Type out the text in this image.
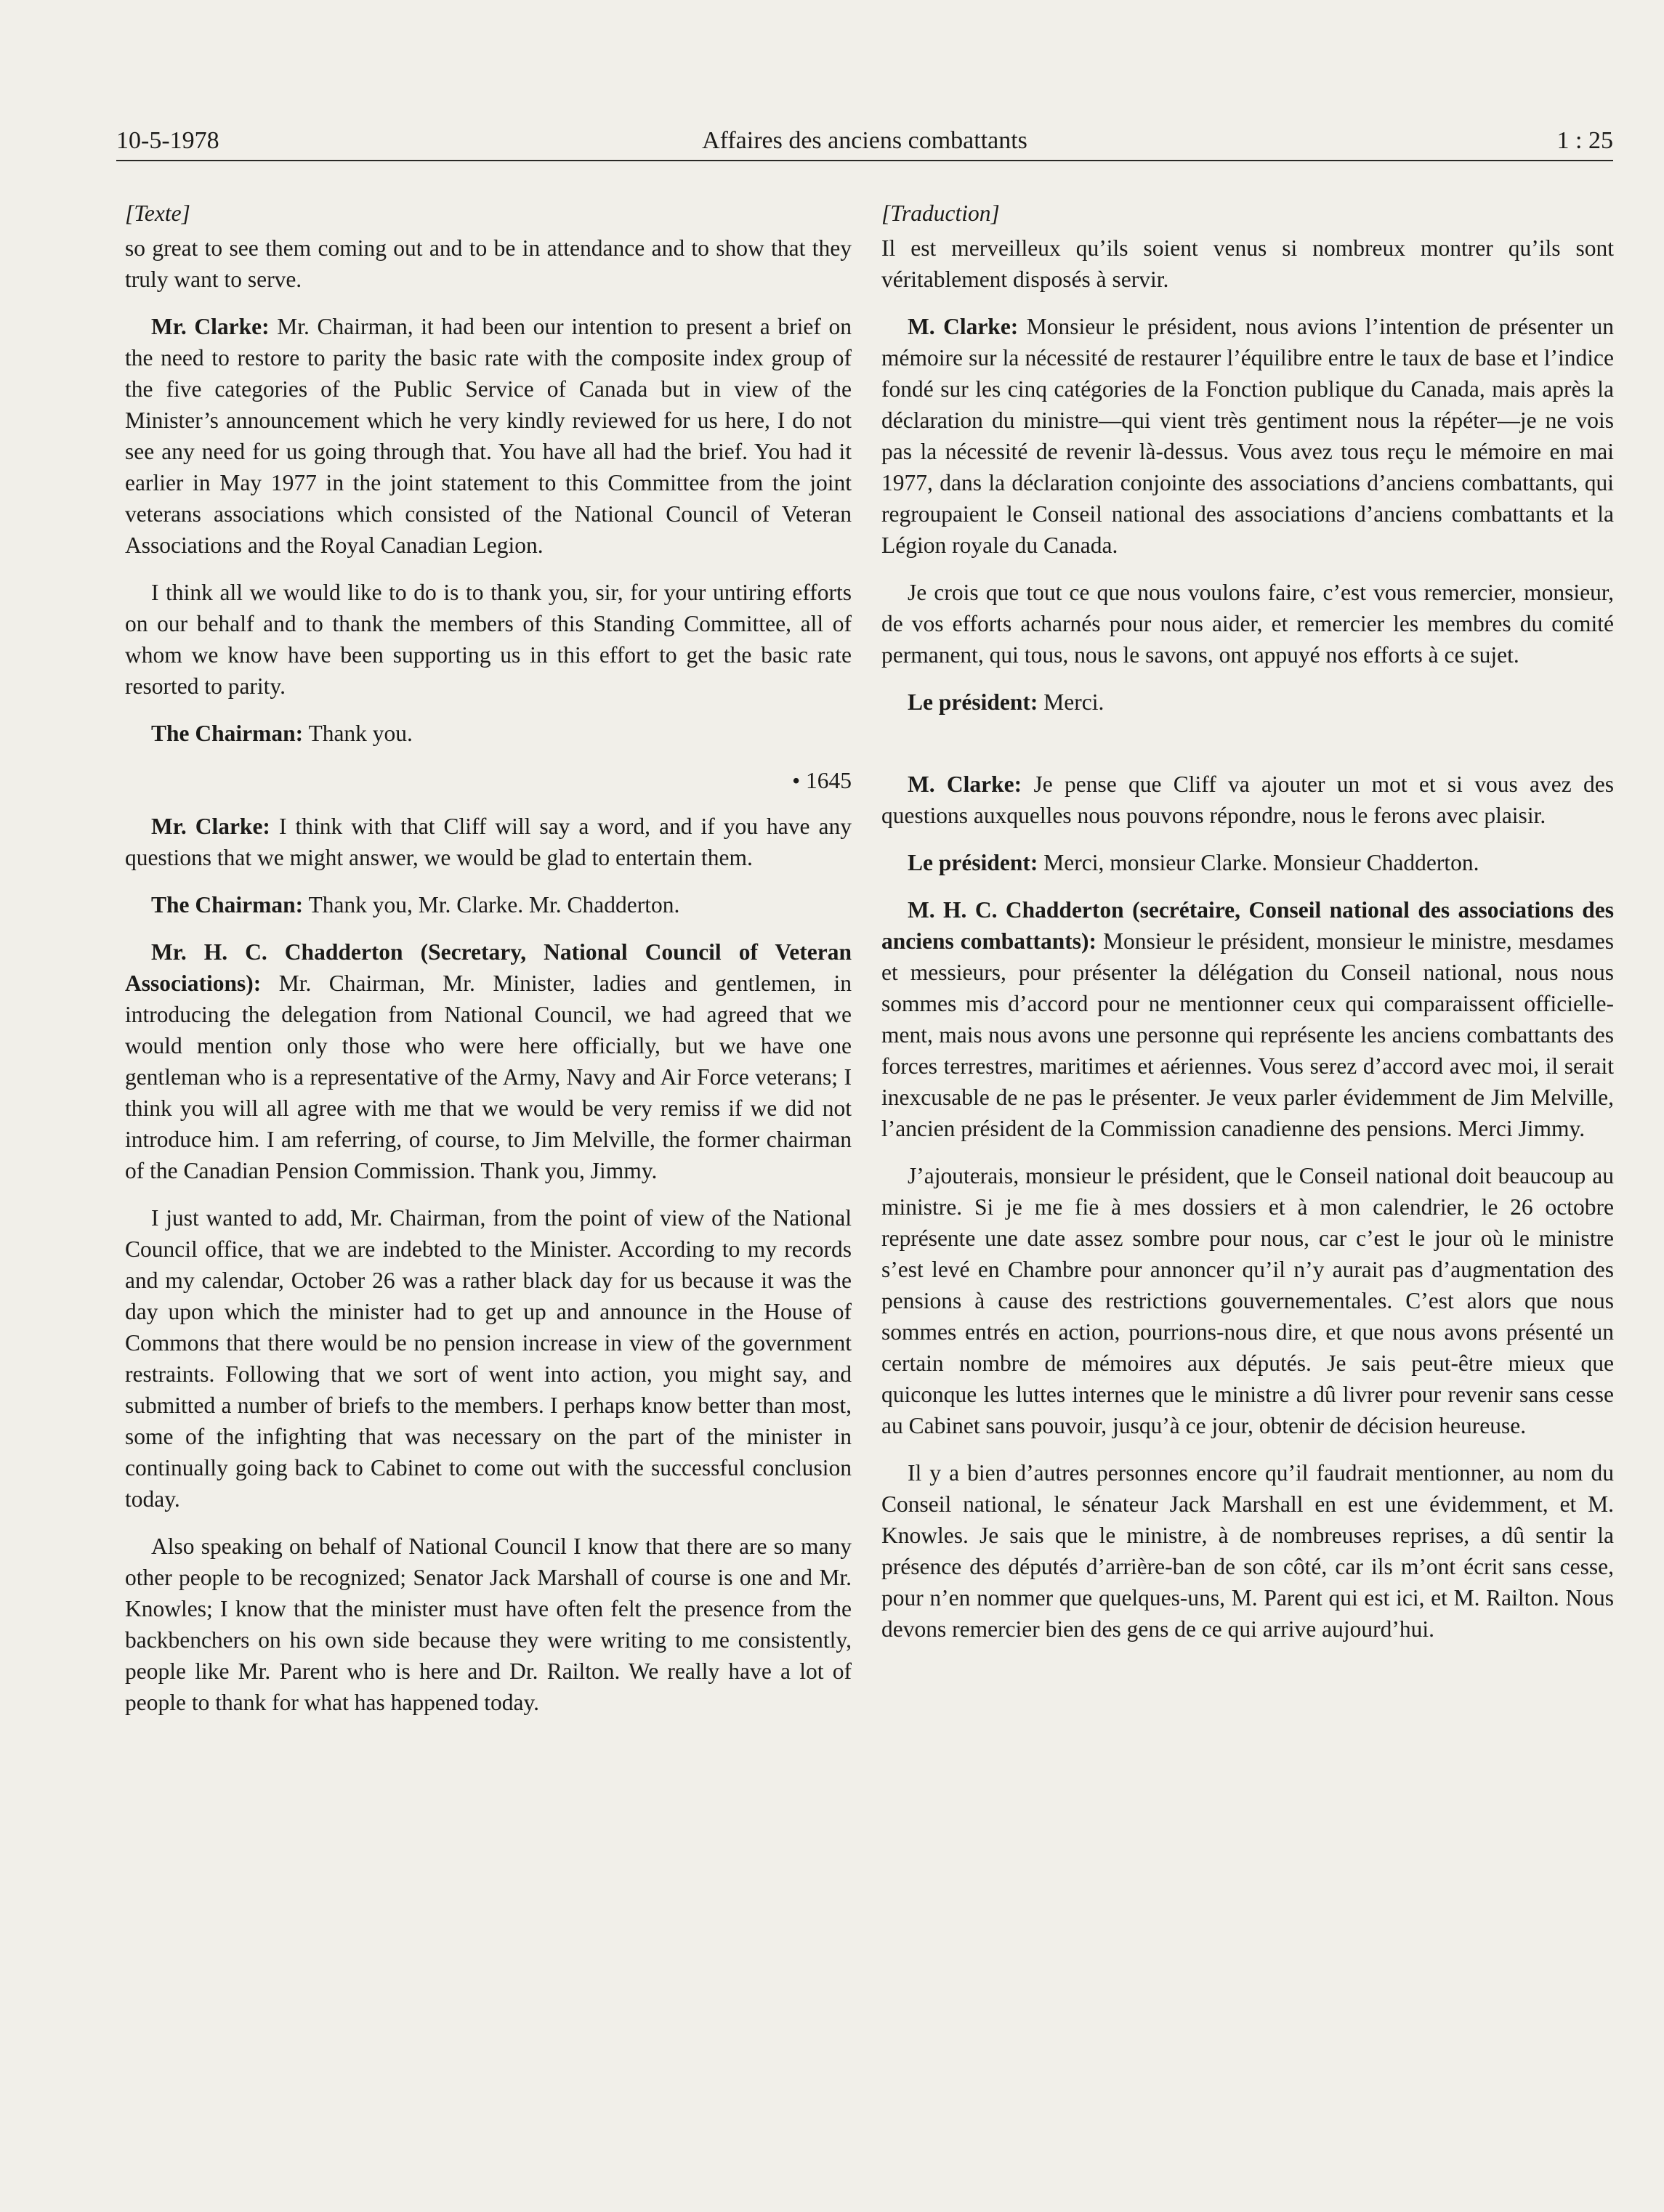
10-5-1978	Affaires des anciens combattants	1 : 25

[Texte]

so great to see them coming out and to be in attendance and to show that they truly want to serve.

Mr. Clarke: Mr. Chairman, it had been our intention to present a brief on the need to restore to parity the basic rate with the composite index group of the five categories of the Public Service of Canada but in view of the Minister’s announcement which he very kindly reviewed for us here, I do not see any need for us going through that. You have all had the brief. You had it earlier in May 1977 in the joint statement to this Committee from the joint veterans associations which consisted of the National Council of Veteran Associations and the Royal Canadian Legion.

I think all we would like to do is to thank you, sir, for your untiring efforts on our behalf and to thank the members of this Standing Committee, all of whom we know have been supporting us in this effort to get the basic rate resorted to parity.

The Chairman: Thank you.

• 1645

Mr. Clarke: I think with that Cliff will say a word, and if you have any questions that we might answer, we would be glad to entertain them.

The Chairman: Thank you, Mr. Clarke. Mr. Chadderton.

Mr. H. C. Chadderton (Secretary, National Council of Veteran Associations): Mr. Chairman, Mr. Minister, ladies and gentlemen, in introducing the delegation from National Council, we had agreed that we would mention only those who were here officially, but we have one gentleman who is a representative of the Army, Navy and Air Force veterans; I think you will all agree with me that we would be very remiss if we did not introduce him. I am referring, of course, to Jim Melville, the former chairman of the Canadian Pension Commission. Thank you, Jimmy.

I just wanted to add, Mr. Chairman, from the point of view of the National Council office, that we are indebted to the Minister. According to my records and my calendar, October 26 was a rather black day for us because it was the day upon which the minister had to get up and announce in the House of Commons that there would be no pension increase in view of the government restraints. Following that we sort of went into action, you might say, and submitted a number of briefs to the members. I perhaps know better than most, some of the infighting that was necessary on the part of the minister in continually going back to Cabinet to come out with the successful conclusion today.

Also speaking on behalf of National Council I know that there are so many other people to be recognized; Senator Jack Marshall of course is one and Mr. Knowles; I know that the minister must have often felt the presence from the backbenchers on his own side because they were writing to me consistently, people like Mr. Parent who is here and Dr. Railton. We really have a lot of people to thank for what has happened today.

[Traduction]

Il est merveilleux qu’ils soient venus si nombreux montrer qu’ils sont véritablement disposés à servir.

M. Clarke: Monsieur le président, nous avions l’intention de présenter un mémoire sur la nécessité de restaurer l’équilibre entre le taux de base et l’indice fondé sur les cinq catégories de la Fonction publique du Canada, mais après la déclaration du ministre—qui vient très gentiment nous la répéter—je ne vois pas la nécessité de revenir là-dessus. Vous avez tous reçu le mémoire en mai 1977, dans la déclaration conjointe des associations d’anciens combattants, qui regroupaient le Conseil national des associations d’anciens combattants et la Légion royale du Canada.

Je crois que tout ce que nous voulons faire, c’est vous remercier, monsieur, de vos efforts acharnés pour nous aider, et remercier les membres du comité permanent, qui tous, nous le savons, ont appuyé nos efforts à ce sujet.

Le président: Merci.

M. Clarke: Je pense que Cliff va ajouter un mot et si vous avez des questions auxquelles nous pouvons répondre, nous le ferons avec plaisir.

Le président: Merci, monsieur Clarke. Monsieur Chadderton.

M. H. C. Chadderton (secrétaire, Conseil national des associations des anciens combattants): Monsieur le président, monsieur le ministre, mesdames et messieurs, pour présenter la délégation du Conseil national, nous nous sommes mis d’accord pour ne mentionner ceux qui comparaissent officiellement, mais nous avons une personne qui représente les anciens combattants des forces terrestres, maritimes et aériennes. Vous serez d’accord avec moi, il serait inexcusable de ne pas le présenter. Je veux parler évidemment de Jim Melville, l’ancien président de la Commission canadienne des pensions. Merci Jimmy.

J’ajouterais, monsieur le président, que le Conseil national doit beaucoup au ministre. Si je me fie à mes dossiers et à mon calendrier, le 26 octobre représente une date assez sombre pour nous, car c’est le jour où le ministre s’est levé en Chambre pour annoncer qu’il n’y aurait pas d’augmentation des pensions à cause des restrictions gouvernementales. C’est alors que nous sommes entrés en action, pourrions-nous dire, et que nous avons présenté un certain nombre de mémoires aux députés. Je sais peut-être mieux que quiconque les luttes internes que le ministre a dû livrer pour revenir sans cesse au Cabinet sans pouvoir, jusqu’à ce jour, obtenir de décision heureuse.

Il y a bien d’autres personnes encore qu’il faudrait mentionner, au nom du Conseil national, le sénateur Jack Marshall en est une évidemment, et M. Knowles. Je sais que le ministre, à de nombreuses reprises, a dû sentir la présence des députés d’arrière-ban de son côté, car ils m’ont écrit sans cesse, pour n’en nommer que quelques-uns, M. Parent qui est ici, et M. Railton. Nous devons remercier bien des gens de ce qui arrive aujourd’hui.
